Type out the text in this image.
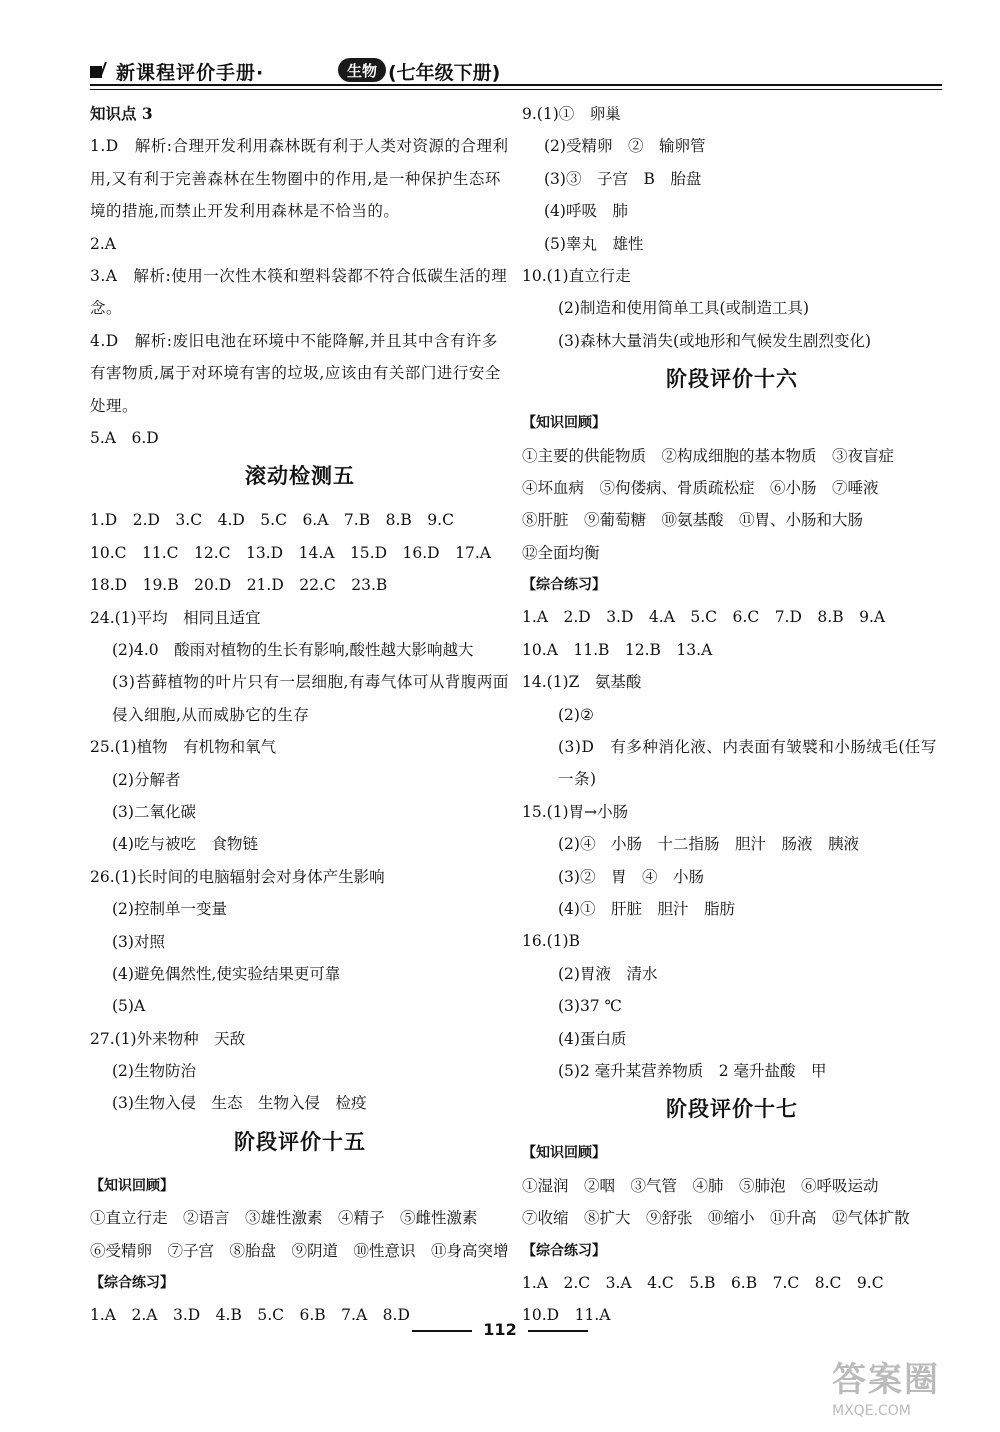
新课程评价手册·	生物 (七年级下册)
知识点 3
1.D　解析:合理开发利用森林既有利于人类对资源的合理利用,又有利于完善森林在生物圈中的作用,是一种保护生态环境的措施,而禁止开发利用森林是不恰当的。
2.A
3.A　解析:使用一次性木筷和塑料袋都不符合低碳生活的理念。
4.D　解析:废旧电池在环境中不能降解,并且其中含有许多有害物质,属于对环境有害的垃圾,应该由有关部门进行安全处理。
5.A　6.D
滚动检测五
1.D　2.D　3.C　4.D　5.C　6.A　7.B　8.B　9.C
10.C　11.C　12.C　13.D　14.A　15.D　16.D　17.A
18.D　19.B　20.D　21.D　22.C　23.B
24.(1)平均　相同且适宜
(2)4.0　酸雨对植物的生长有影响,酸性越大影响越大
(3)苔藓植物的叶片只有一层细胞,有毒气体可从背腹两面侵入细胞,从而威胁它的生存
25.(1)植物　有机物和氧气
(2)分解者
(3)二氧化碳
(4)吃与被吃　食物链
26.(1)长时间的电脑辐射会对身体产生影响
(2)控制单一变量
(3)对照
(4)避免偶然性,使实验结果更可靠
(5)A
27.(1)外来物种　天敌
(2)生物防治
(3)生物入侵　生态　生物入侵　检疫
阶段评价十五
【知识回顾】
①直立行走　②语言　③雄性激素　④精子　⑤雌性激素
⑥受精卵　⑦子宫　⑧胎盘　⑨阴道　⑩性意识　⑪身高突增
【综合练习】
1.A　2.A　3.D　4.B　5.C　6.B　7.A　8.D
9.(1)①　卵巢
(2)受精卵　②　输卵管
(3)③　子宫　B　胎盘
(4)呼吸　肺
(5)睾丸　雄性
10.(1)直立行走
(2)制造和使用简单工具(或制造工具)
(3)森林大量消失(或地形和气候发生剧烈变化)
阶段评价十六
【知识回顾】
①主要的供能物质　②构成细胞的基本物质　③夜盲症
④坏血病　⑤佝偻病、骨质疏松症　⑥小肠　⑦唾液
⑧肝脏　⑨葡萄糖　⑩氨基酸　⑪胃、小肠和大肠
⑫全面均衡
【综合练习】
1.A　2.D　3.D　4.A　5.C　6.C　7.D　8.B　9.A
10.A　11.B　12.B　13.A
14.(1)Z　氨基酸
(2)②
(3)D　有多种消化液、内表面有皱襞和小肠绒毛(任写一条)
15.(1)胃→小肠
(2)④　小肠　十二指肠　胆汁　肠液　胰液
(3)②　胃　④　小肠
(4)①　肝脏　胆汁　脂肪
16.(1)B
(2)胃液　清水
(3)37 ℃
(4)蛋白质
(5)2 毫升某营养物质　2 毫升盐酸　甲
阶段评价十七
【知识回顾】
①湿润　②咽　③气管　④肺　⑤肺泡　⑥呼吸运动
⑦收缩　⑧扩大　⑨舒张　⑩缩小　⑪升高　⑫气体扩散
【综合练习】
1.A　2.C　3.A　4.C　5.B　6.B　7.C　8.C　9.C
10.D　11.A
112
答案圈
MXQE.COM
